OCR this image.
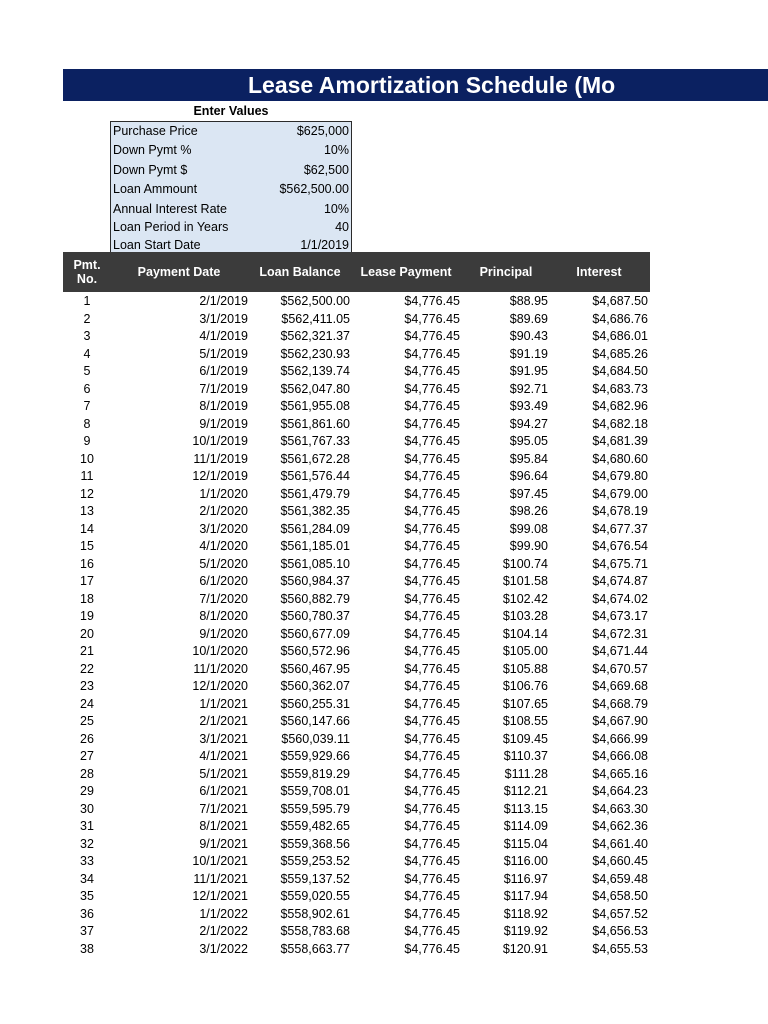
Lease Amortization Schedule (Mo
Enter Values
Purchase Price	$625,000
Down Pymt %	10%
Down Pymt $	$62,500
Loan Ammount	$562,500.00
Annual Interest Rate	10%
Loan Period in Years	40
Loan Start Date	1/1/2019
Pmt.
No.	Payment Date	Loan Balance	Lease Payment	Principal	Interest
1	2/1/2019	$562,500.00	$4,776.45	$88.95	$4,687.50
2	3/1/2019	$562,411.05	$4,776.45	$89.69	$4,686.76
3	4/1/2019	$562,321.37	$4,776.45	$90.43	$4,686.01
4	5/1/2019	$562,230.93	$4,776.45	$91.19	$4,685.26
5	6/1/2019	$562,139.74	$4,776.45	$91.95	$4,684.50
6	7/1/2019	$562,047.80	$4,776.45	$92.71	$4,683.73
7	8/1/2019	$561,955.08	$4,776.45	$93.49	$4,682.96
8	9/1/2019	$561,861.60	$4,776.45	$94.27	$4,682.18
9	10/1/2019	$561,767.33	$4,776.45	$95.05	$4,681.39
10	11/1/2019	$561,672.28	$4,776.45	$95.84	$4,680.60
11	12/1/2019	$561,576.44	$4,776.45	$96.64	$4,679.80
12	1/1/2020	$561,479.79	$4,776.45	$97.45	$4,679.00
13	2/1/2020	$561,382.35	$4,776.45	$98.26	$4,678.19
14	3/1/2020	$561,284.09	$4,776.45	$99.08	$4,677.37
15	4/1/2020	$561,185.01	$4,776.45	$99.90	$4,676.54
16	5/1/2020	$561,085.10	$4,776.45	$100.74	$4,675.71
17	6/1/2020	$560,984.37	$4,776.45	$101.58	$4,674.87
18	7/1/2020	$560,882.79	$4,776.45	$102.42	$4,674.02
19	8/1/2020	$560,780.37	$4,776.45	$103.28	$4,673.17
20	9/1/2020	$560,677.09	$4,776.45	$104.14	$4,672.31
21	10/1/2020	$560,572.96	$4,776.45	$105.00	$4,671.44
22	11/1/2020	$560,467.95	$4,776.45	$105.88	$4,670.57
23	12/1/2020	$560,362.07	$4,776.45	$106.76	$4,669.68
24	1/1/2021	$560,255.31	$4,776.45	$107.65	$4,668.79
25	2/1/2021	$560,147.66	$4,776.45	$108.55	$4,667.90
26	3/1/2021	$560,039.11	$4,776.45	$109.45	$4,666.99
27	4/1/2021	$559,929.66	$4,776.45	$110.37	$4,666.08
28	5/1/2021	$559,819.29	$4,776.45	$111.28	$4,665.16
29	6/1/2021	$559,708.01	$4,776.45	$112.21	$4,664.23
30	7/1/2021	$559,595.79	$4,776.45	$113.15	$4,663.30
31	8/1/2021	$559,482.65	$4,776.45	$114.09	$4,662.36
32	9/1/2021	$559,368.56	$4,776.45	$115.04	$4,661.40
33	10/1/2021	$559,253.52	$4,776.45	$116.00	$4,660.45
34	11/1/2021	$559,137.52	$4,776.45	$116.97	$4,659.48
35	12/1/2021	$559,020.55	$4,776.45	$117.94	$4,658.50
36	1/1/2022	$558,902.61	$4,776.45	$118.92	$4,657.52
37	2/1/2022	$558,783.68	$4,776.45	$119.92	$4,656.53
38	3/1/2022	$558,663.77	$4,776.45	$120.91	$4,655.53
